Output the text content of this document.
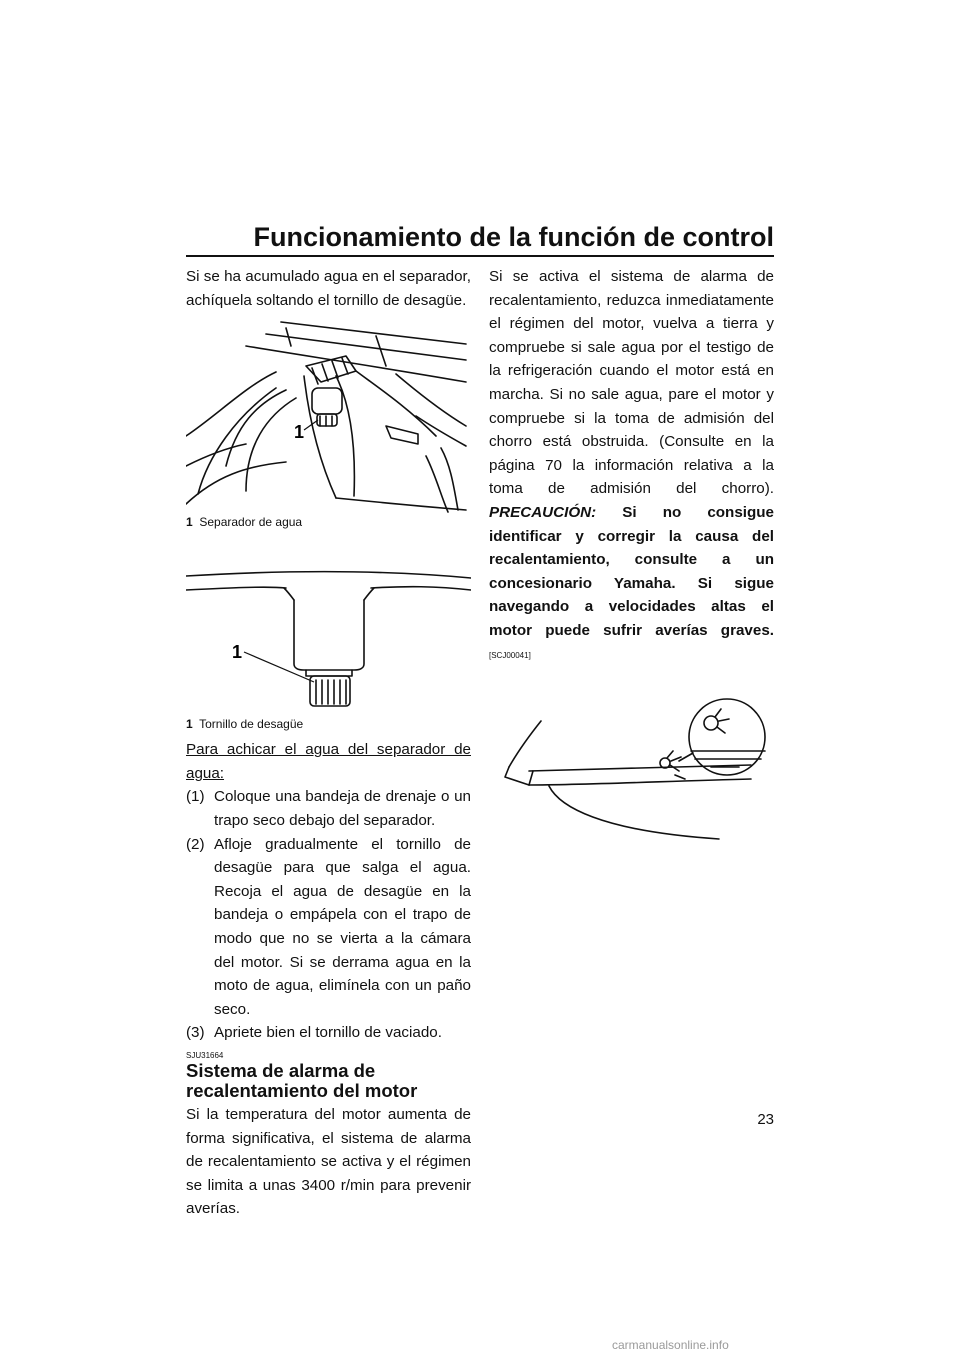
Funcionamiento de la función de control

Si se ha acumulado agua en el separador, achíquela soltando el tornillo de desagüe.

1
1 Separador de agua
1
1 Tornillo de desagüe

Para achicar el agua del separador de agua:

(1) Coloque una bandeja de drenaje o un trapo seco debajo del separador.
(2) Afloje gradualmente el tornillo de desagüe para que salga el agua. Recoja el agua de desagüe en la bandeja o empápela con el trapo de modo que no se vierta a la cámara del motor. Si se derrama agua en la moto de agua, elimínela con un paño seco.
(3) Apriete bien el tornillo de vaciado.
SJU31664
Sistema de alarma de recalentamiento del motor

Si la temperatura del motor aumenta de forma significativa, el sistema de alarma de recalentamiento se activa y el régimen se limita a unas 3400 r/min para prevenir averías.

Si se activa el sistema de alarma de recalentamiento, reduzca inmediatamente el régimen del motor, vuelva a tierra y compruebe si sale agua por el testigo de la refrigeración cuando el motor está en marcha. Si no sale agua, pare el motor y compruebe si la toma de admisión del chorro está obstruida. (Consulte en la página 70 la información relativa a la toma de admisión del chorro). PRECAUCIÓN: Si no consigue identificar y corregir la causa del recalentamiento, consulte a un concesionario Yamaha. Si sigue navegando a velocidades altas el motor puede sufrir averías graves. [SCJ00041]

23
carmanualsonline.info
